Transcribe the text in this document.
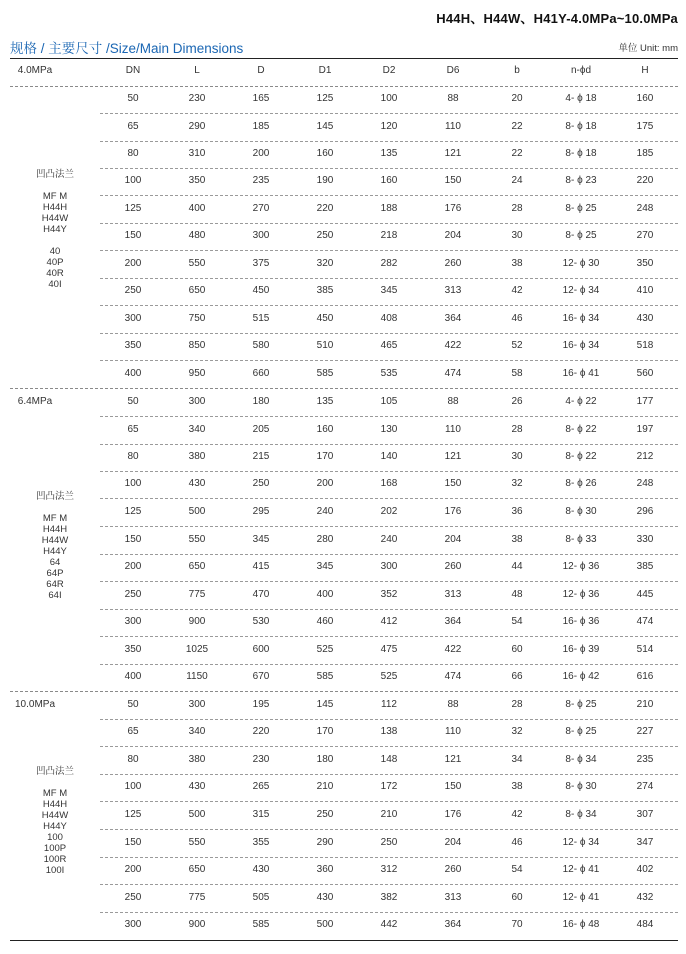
H44H、H44W、H41Y-4.0MPa~10.0MPa
规格 / 主要尺寸 /Size/Main Dimensions	单位 Unit: mm
DN	L	D	D1	D2	D6	b	n-ϕd	H
4.0MPa
凹凸法兰
MF M
H44H
H44W
H44Y
40
40P
40R
40I
50	230	165	125	100	88	20	4- ϕ 18	160
65	290	185	145	120	110	22	8- ϕ 18	175
80	310	200	160	135	121	22	8- ϕ 18	185
100	350	235	190	160	150	24	8- ϕ 23	220
125	400	270	220	188	176	28	8- ϕ 25	248
150	480	300	250	218	204	30	8- ϕ 25	270
200	550	375	320	282	260	38	12- ϕ 30	350
250	650	450	385	345	313	42	12- ϕ 34	410
300	750	515	450	408	364	46	16- ϕ 34	430
350	850	580	510	465	422	52	16- ϕ 34	518
400	950	660	585	535	474	58	16- ϕ 41	560
6.4MPa
凹凸法兰
MF M
H44H
H44W
H44Y
64
64P
64R
64I
50	300	180	135	105	88	26	4- ϕ 22	177
65	340	205	160	130	110	28	8- ϕ 22	197
80	380	215	170	140	121	30	8- ϕ 22	212
100	430	250	200	168	150	32	8- ϕ 26	248
125	500	295	240	202	176	36	8- ϕ 30	296
150	550	345	280	240	204	38	8- ϕ 33	330
200	650	415	345	300	260	44	12- ϕ 36	385
250	775	470	400	352	313	48	12- ϕ 36	445
300	900	530	460	412	364	54	16- ϕ 36	474
350	1025	600	525	475	422	60	16- ϕ 39	514
400	1150	670	585	525	474	66	16- ϕ 42	616
10.0MPa
凹凸法兰
MF M
H44H
H44W
H44Y
100
100P
100R
100I
50	300	195	145	112	88	28	8- ϕ 25	210
65	340	220	170	138	110	32	8- ϕ 25	227
80	380	230	180	148	121	34	8- ϕ 34	235
100	430	265	210	172	150	38	8- ϕ 30	274
125	500	315	250	210	176	42	8- ϕ 34	307
150	550	355	290	250	204	46	12- ϕ 34	347
200	650	430	360	312	260	54	12- ϕ 41	402
250	775	505	430	382	313	60	12- ϕ 41	432
300	900	585	500	442	364	70	16- ϕ 48	484
